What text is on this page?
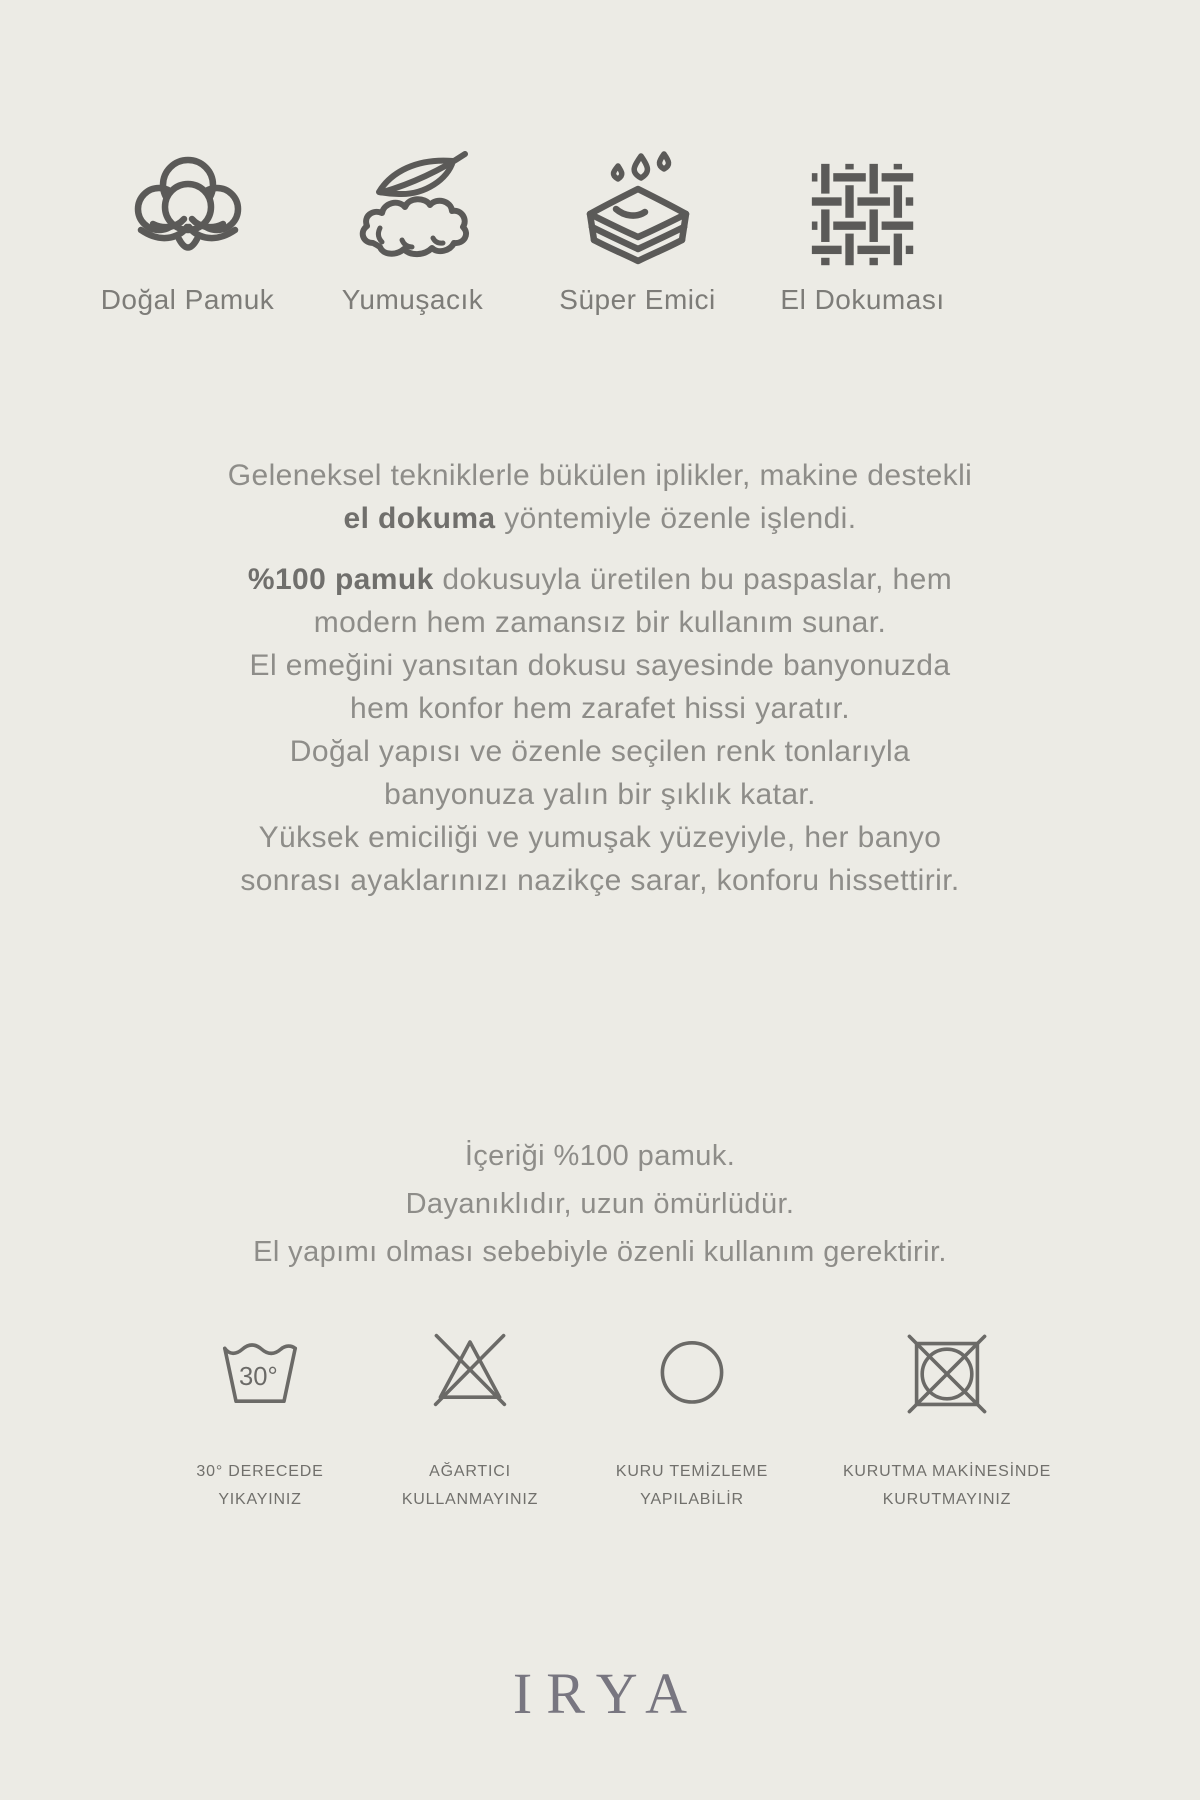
Doğal Pamuk Yumuşacık	Süper Emici El Dokuması
Geleneksel tekniklerle bükülen iplikler, makine destekli
el dokuma yöntemiyle özenle işlendi.
%100 pamuk dokusuyla üretilen bu paspaslar, hem
modern hem zamansız bir kullanım sunar.
El emeğini yansıtan dokusu sayesinde banyonuzda
hem konfor hem zarafet hissi yaratır.
Doğal yapısı ve özenle seçilen renk tonlarıyla
banyonuza yalın bir şıklık katar.
Yüksek emiciliği ve yumuşak yüzeyiyle, her banyo
sonrası ayaklarınızı nazikçe sarar, konforu hissettirir.
İçeriği %100 pamuk.
Dayanıklıdır, uzun ömürlüdür.
El yapımı olması sebebiyle özenli kullanım gerektirir.
30°
30° DERECEDE
YIKAYINIZ
AĞARTICI
KULLANMAYINIZ
KURU TEMİZLEME
YAPILABİLİR
KURUTMA MAKİNESİNDE
KURUTMAYINIZ
IRYA
